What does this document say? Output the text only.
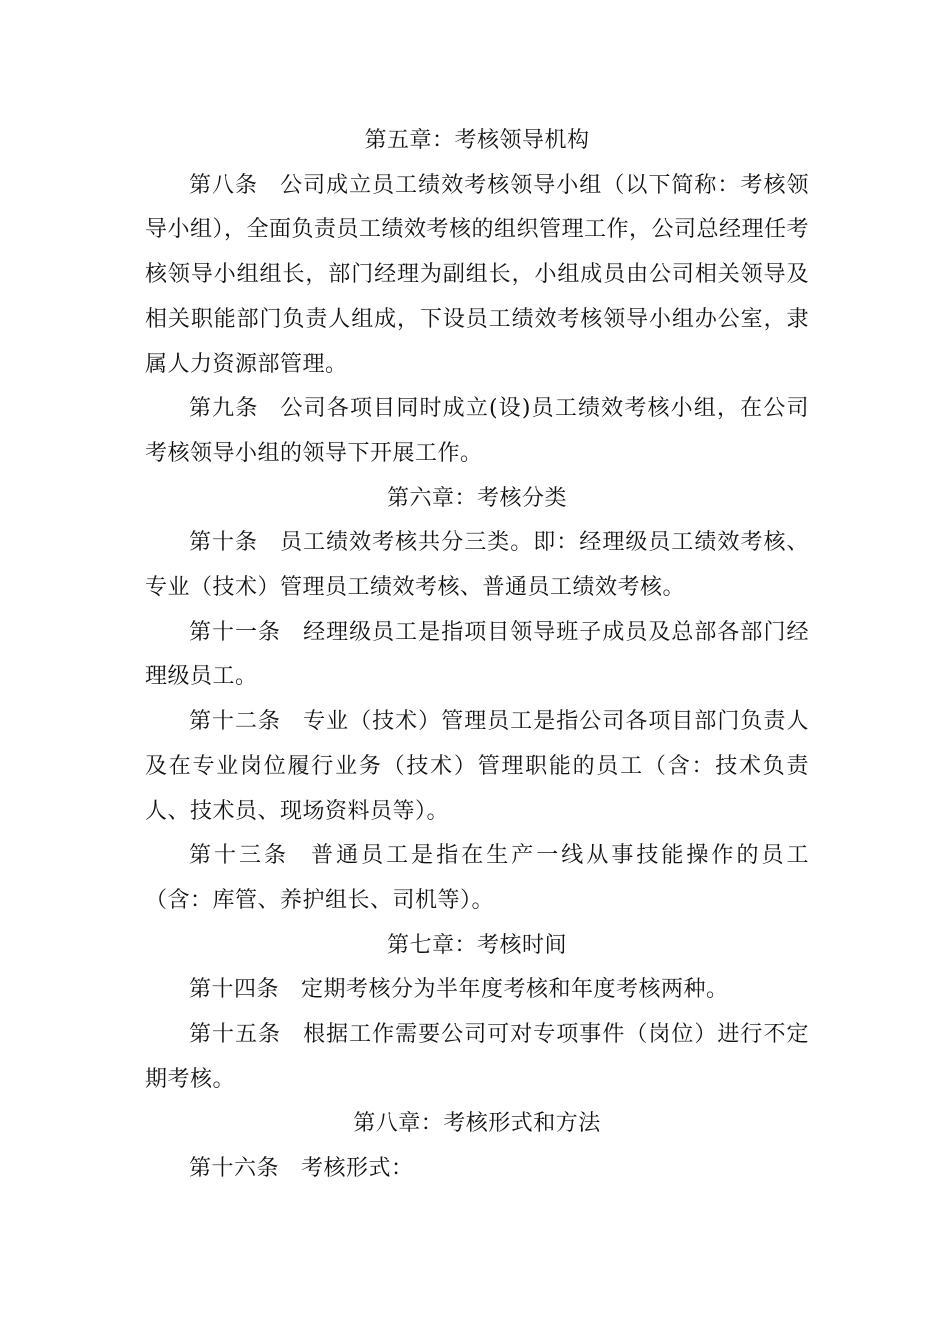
第五章：考核领导机构

第八条 公司成立员工绩效考核领导小组（以下简称：考核领导小组），全面负责员工绩效考核的组织管理工作，公司总经理任考核领导小组组长，部门经理为副组长，小组成员由公司相关领导及相关职能部门负责人组成，下设员工绩效考核领导小组办公室，隶属人力资源部管理。

第九条 公司各项目同时成立(设)员工绩效考核小组，在公司考核领导小组的领导下开展工作。

第六章：考核分类

第十条 员工绩效考核共分三类。即：经理级员工绩效考核、专业（技术）管理员工绩效考核、普通员工绩效考核。

第十一条 经理级员工是指项目领导班子成员及总部各部门经理级员工。

第十二条 专业（技术）管理员工是指公司各项目部门负责人及在专业岗位履行业务（技术）管理职能的员工（含：技术负责人、技术员、现场资料员等）。

第十三条 普通员工是指在生产一线从事技能操作的员工（含：库管、养护组长、司机等）。

第七章：考核时间

第十四条 定期考核分为半年度考核和年度考核两种。

第十五条 根据工作需要公司可对专项事件（岗位）进行不定期考核。

第八章：考核形式和方法

第十六条 考核形式：
